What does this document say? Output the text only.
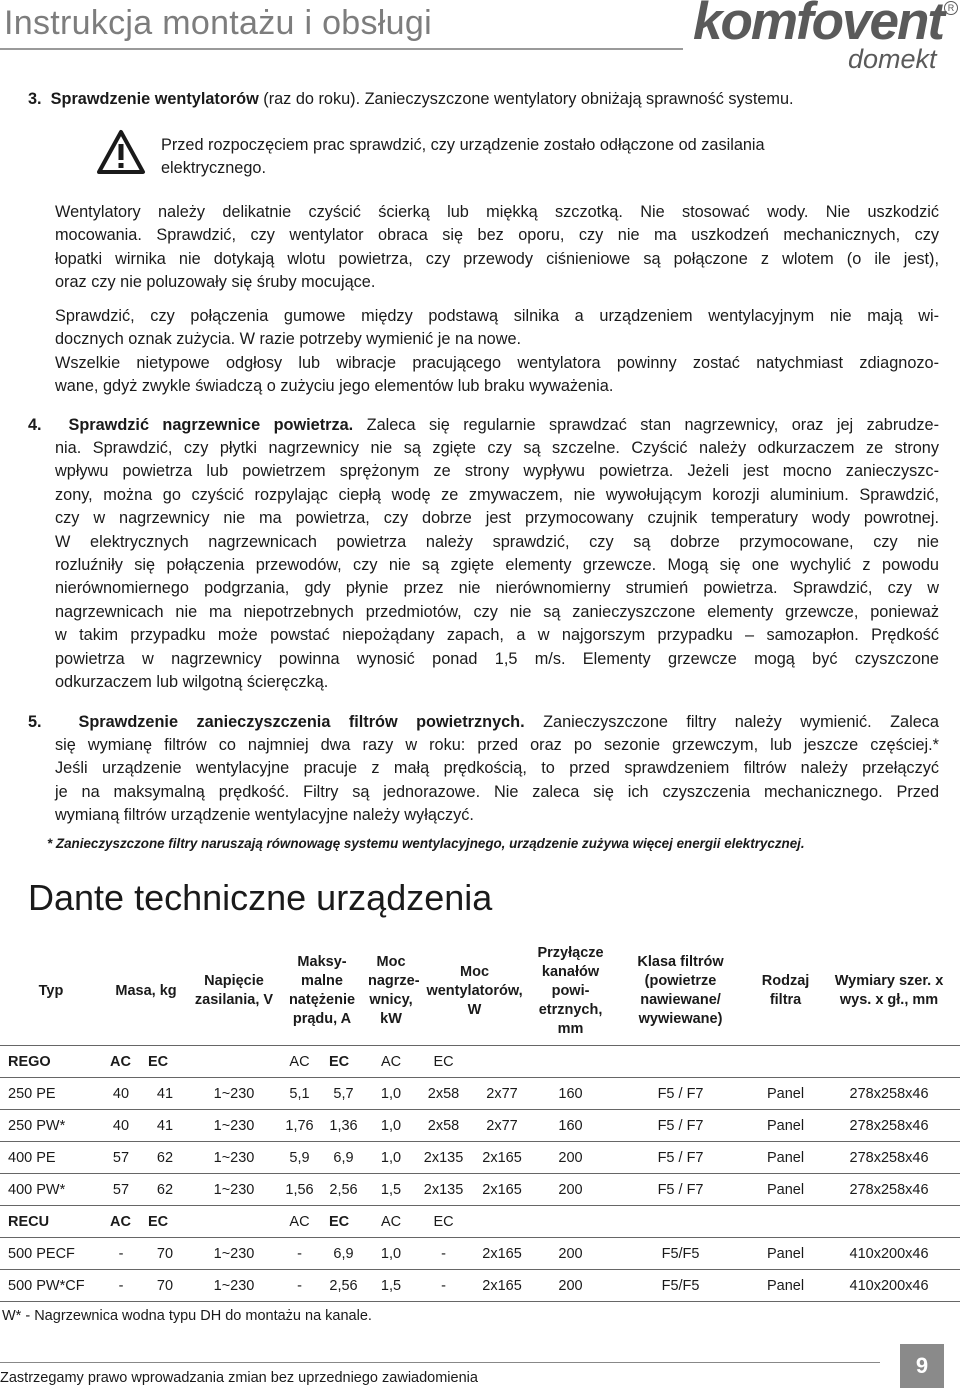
Instrukcja montażu i obsługi	komfovent R
domekt

3. Sprawdzenie wentylatorów (raz do roku). Zanieczyszczone wentylatory obniżają sprawność systemu.

Przed rozpoczęciem prac sprawdzić, czy urządzenie zostało odłączone od zasilania elektrycznego.

Wentylatory należy delikatnie czyścić ścierką lub miękką szczotką. Nie stosować wody. Nie uszkodzić
mocowania. Sprawdzić, czy wentylator obraca się bez oporu, czy nie ma uszkodzeń mechanicznych, czy
łopatki wirnika nie dotykają wlotu powietrza, czy przewody ciśnieniowe są połączone z wlotem (o ile jest),
oraz czy nie poluzowały się śruby mocujące.
Sprawdzić, czy połączenia gumowe między podstawą silnika a urządzeniem wentylacyjnym nie mają wi-
docznych oznak zużycia. W razie potrzeby wymienić je na nowe.
Wszelkie nietypowe odgłosy lub wibracje pracującego wentylatora powinny zostać natychmiast zdiagnozo-
wane, gdyż zwykle świadczą o zużyciu jego elementów lub braku wyważenia.
4. Sprawdzić nagrzewnice powietrza. Zaleca się regularnie sprawdzać stan nagrzewnicy, oraz jej zabrudze-
nia. Sprawdzić, czy płytki nagrzewnicy nie są zgięte czy są szczelne. Czyścić należy odkurzaczem ze strony
wpływu powietrza lub powietrzem sprężonym ze strony wypływu powietrza. Jeżeli jest mocno zanieczyszc-
zony, można go czyścić rozpylając ciepłą wodę ze zmywaczem, nie wywołującym korozji aluminium. Sprawdzić,
czy w nagrzewnicy nie ma powietrza, czy dobrze jest przymocowany czujnik temperatury wody powrotnej.
W elektrycznych nagrzewnicach powietrza należy sprawdzić, czy są dobrze przymocowane, czy nie
rozluźniły się połączenia przewodów, czy nie są zgięte elementy grzewcze. Mogą się one wychylić z powodu
nierównomiernego podgrzania, gdy płynie przez nie nierównomierny strumień powietrza. Sprawdzić, czy w
nagrzewnicach nie ma niepotrzebnych przedmiotów, czy nie są zanieczyszczone elementy grzewcze, ponieważ
w takim przypadku może powstać niepożądany zapach, a w najgorszym przypadku – samozapłon. Prędkość
powietrza w nagrzewnicy powinna wynosić ponad 1,5 m/s. Elementy grzewcze mogą być czyszczone
odkurzaczem lub wilgotną ścieręczką.
5. Sprawdzenie zanieczyszczenia filtrów powietrznych. Zanieczyszczone filtry należy wymienić. Zaleca
się wymianę filtrów co najmniej dwa razy w roku: przed oraz po sezonie grzewczym, lub jeszcze częściej.*
Jeśli urządzenie wentylacyjne pracuje z małą prędkością, to przed sprawdzeniem filtrów należy przełączyć
je na maksymalną prędkość. Filtry są jednorazowe. Nie zaleca się ich czyszczenia mechanicznego. Przed
wymianą filtrów urządzenie wentylacyjne należy wyłączyć.
* Zanieczyszczone filtry naruszają równowagę systemu wentylacyjnego, urządzenie zużywa więcej energii elektrycznej.
Dante techniczne urządzenia
Typ	Masa, kg		Napięcie zasilania, V	Maksy-malne natężenie prądu, A		Moc nagrze-wnicy, kW	Moc wentylatorów, W		Przyłącze kanałów powi-etrznych, mm	Klasa filtrów (powietrze nawiewane/ wywiewane)	Rodzaj filtra	Wymiary szer. x wys. x gł., mm
REGO	AC	EC		AC	EC	AC	EC					
250 PE	40	41	1~230	5,1	5,7	1,0	2x58	2x77	160	F5 / F7	Panel	278x258x46
250 PW*	40	41	1~230	1,76	1,36	1,0	2x58	2x77	160	F5 / F7	Panel	278x258x46
400 PE	57	62	1~230	5,9	6,9	1,0	2x135	2x165	200	F5 / F7	Panel	278x258x46
400 PW*	57	62	1~230	1,56	2,56	1,5	2x135	2x165	200	F5 / F7	Panel	278x258x46
RECU	AC	EC		AC	EC	AC	EC					
500 PECF	-	70	1~230	-	6,9	1,0	-	2x165	200	F5/F5	Panel	410x200x46
500 PW*CF	-	70	1~230	-	2,56	1,5	-	2x165	200	F5/F5	Panel	410x200x46
W* - Nagrzewnica wodna typu DH do montażu na kanale.
Zastrzegamy prawo wprowadzania zmian bez uprzedniego zawiadomienia	9
